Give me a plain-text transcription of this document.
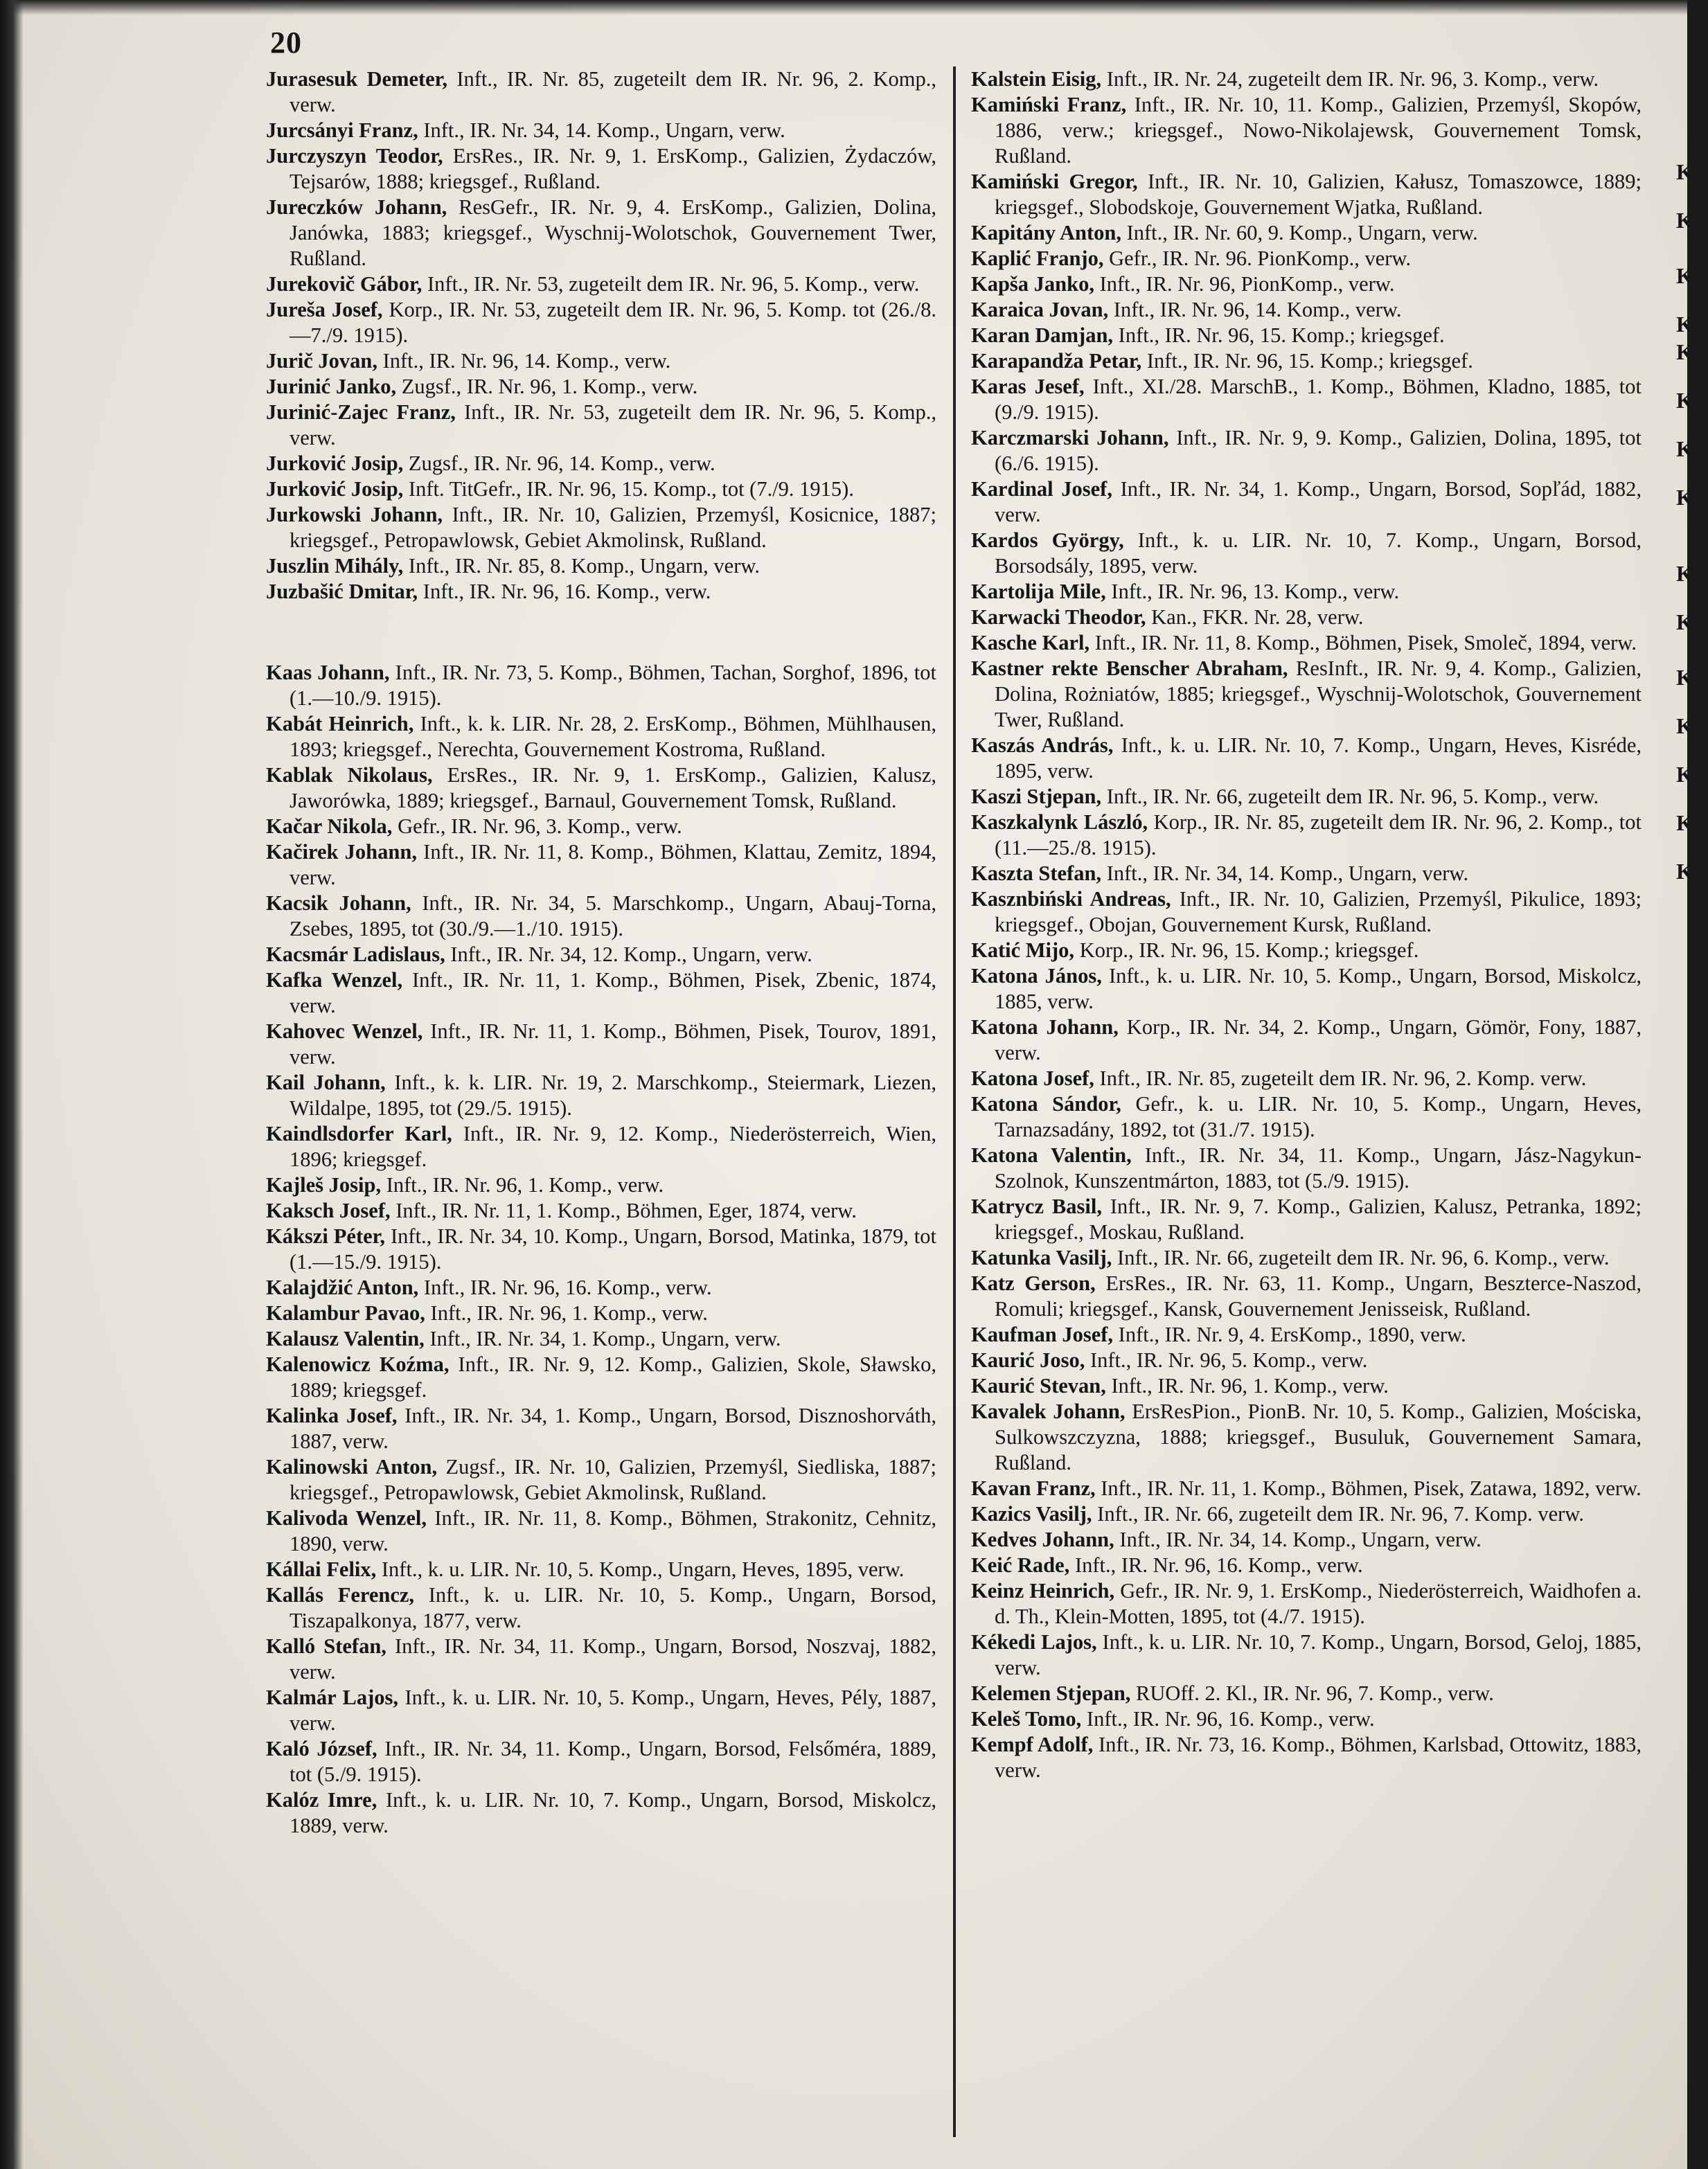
20

Jurasesuk Demeter, Inft., IR. Nr. 85, zugeteilt dem IR. Nr. 96, 2. Komp., verw.

Jurcsányi Franz, Inft., IR. Nr. 34, 14. Komp., Ungarn, verw.

Jurczyszyn Teodor, ErsRes., IR. Nr. 9, 1. ErsKomp., Galizien, Żydaczów, Tejsarów, 1888; kriegsgef., Rußland.

Jureczków Johann, ResGefr., IR. Nr. 9, 4. ErsKomp., Galizien, Dolina, Janówka, 1883; kriegsgef., Wyschnij-Wolotschok, Gouvernement Twer, Rußland.

Jurekovič Gábor, Inft., IR. Nr. 53, zugeteilt dem IR. Nr. 96, 5. Komp., verw.

Jureša Josef, Korp., IR. Nr. 53, zugeteilt dem IR. Nr. 96, 5. Komp. tot (26./8.—7./9. 1915).

Jurič Jovan, Inft., IR. Nr. 96, 14. Komp., verw.

Jurinić Janko, Zugsf., IR. Nr. 96, 1. Komp., verw.

Jurinić-Zajec Franz, Inft., IR. Nr. 53, zugeteilt dem IR. Nr. 96, 5. Komp., verw.

Jurković Josip, Zugsf., IR. Nr. 96, 14. Komp., verw.

Jurković Josip, Inft. TitGefr., IR. Nr. 96, 15. Komp., tot (7./9. 1915).

Jurkowski Johann, Inft., IR. Nr. 10, Galizien, Przemyśl, Kosicnice, 1887; kriegsgef., Petropawlowsk, Gebiet Akmolinsk, Rußland.

Juszlin Mihály, Inft., IR. Nr. 85, 8. Komp., Ungarn, verw.

Juzbašić Dmitar, Inft., IR. Nr. 96, 16. Komp., verw.

Kaas Johann, Inft., IR. Nr. 73, 5. Komp., Böhmen, Tachan, Sorghof, 1896, tot (1.—10./9. 1915).

Kabát Heinrich, Inft., k. k. LIR. Nr. 28, 2. ErsKomp., Böhmen, Mühlhausen, 1893; kriegsgef., Nerechta, Gouvernement Kostroma, Rußland.

Kablak Nikolaus, ErsRes., IR. Nr. 9, 1. ErsKomp., Galizien, Kalusz, Jaworówka, 1889; kriegsgef., Barnaul, Gouvernement Tomsk, Rußland.

Kačar Nikola, Gefr., IR. Nr. 96, 3. Komp., verw.

Kačirek Johann, Inft., IR. Nr. 11, 8. Komp., Böhmen, Klattau, Zemitz, 1894, verw.

Kacsik Johann, Inft., IR. Nr. 34, 5. Marschkomp., Ungarn, Abauj-Torna, Zsebes, 1895, tot (30./9.—1./10. 1915).

Kacsmár Ladislaus, Inft., IR. Nr. 34, 12. Komp., Ungarn, verw.

Kafka Wenzel, Inft., IR. Nr. 11, 1. Komp., Böhmen, Pisek, Zbenic, 1874, verw.

Kahovec Wenzel, Inft., IR. Nr. 11, 1. Komp., Böhmen, Pisek, Tourov, 1891, verw.

Kail Johann, Inft., k. k. LIR. Nr. 19, 2. Marschkomp., Steiermark, Liezen, Wildalpe, 1895, tot (29./5. 1915).

Kaindlsdorfer Karl, Inft., IR. Nr. 9, 12. Komp., Niederösterreich, Wien, 1896; kriegsgef.

Kajleš Josip, Inft., IR. Nr. 96, 1. Komp., verw.

Kaksch Josef, Inft., IR. Nr. 11, 1. Komp., Böhmen, Eger, 1874, verw.

Kákszi Péter, Inft., IR. Nr. 34, 10. Komp., Ungarn, Borsod, Matinka, 1879, tot (1.—15./9. 1915).

Kalajdžić Anton, Inft., IR. Nr. 96, 16. Komp., verw.

Kalambur Pavao, Inft., IR. Nr. 96, 1. Komp., verw.

Kalausz Valentin, Inft., IR. Nr. 34, 1. Komp., Ungarn, verw.

Kalenowicz Koźma, Inft., IR. Nr. 9, 12. Komp., Galizien, Skole, Sławsko, 1889; kriegsgef.

Kalinka Josef, Inft., IR. Nr. 34, 1. Komp., Ungarn, Borsod, Disznoshorváth, 1887, verw.

Kalinowski Anton, Zugsf., IR. Nr. 10, Galizien, Przemyśl, Siedliska, 1887; kriegsgef., Petropawlowsk, Gebiet Akmolinsk, Rußland.

Kalivoda Wenzel, Inft., IR. Nr. 11, 8. Komp., Böhmen, Strakonitz, Cehnitz, 1890, verw.

Kállai Felix, Inft., k. u. LIR. Nr. 10, 5. Komp., Ungarn, Heves, 1895, verw.

Kallás Ferencz, Inft., k. u. LIR. Nr. 10, 5. Komp., Ungarn, Borsod, Tiszapalkonya, 1877, verw.

Kalló Stefan, Inft., IR. Nr. 34, 11. Komp., Ungarn, Borsod, Noszvaj, 1882, verw.

Kalmár Lajos, Inft., k. u. LIR. Nr. 10, 5. Komp., Ungarn, Heves, Pély, 1887, verw.

Kaló József, Inft., IR. Nr. 34, 11. Komp., Ungarn, Borsod, Felsőméra, 1889, tot (5./9. 1915).

Kalóz Imre, Inft., k. u. LIR. Nr. 10, 7. Komp., Ungarn, Borsod, Miskolcz, 1889, verw.

Kalstein Eisig, Inft., IR. Nr. 24, zugeteilt dem IR. Nr. 96, 3. Komp., verw.

Kamiński Franz, Inft., IR. Nr. 10, 11. Komp., Galizien, Przemyśl, Skopów, 1886, verw.; kriegsgef., Nowo-Nikolajewsk, Gouvernement Tomsk, Rußland.

Kamiński Gregor, Inft., IR. Nr. 10, Galizien, Kałusz, Tomaszowce, 1889; kriegsgef., Slobodskoje, Gouvernement Wjatka, Rußland.

Kapitány Anton, Inft., IR. Nr. 60, 9. Komp., Ungarn, verw.

Kaplić Franjo, Gefr., IR. Nr. 96. PionKomp., verw.

Kapša Janko, Inft., IR. Nr. 96, PionKomp., verw.

Karaica Jovan, Inft., IR. Nr. 96, 14. Komp., verw.

Karan Damjan, Inft., IR. Nr. 96, 15. Komp.; kriegsgef.

Karapandža Petar, Inft., IR. Nr. 96, 15. Komp.; kriegsgef.

Karas Jesef, Inft., XI./28. MarschB., 1. Komp., Böhmen, Kladno, 1885, tot (9./9. 1915).

Karczmarski Johann, Inft., IR. Nr. 9, 9. Komp., Galizien, Dolina, 1895, tot (6./6. 1915).

Kardinal Josef, Inft., IR. Nr. 34, 1. Komp., Ungarn, Borsod, Sopľád, 1882, verw.

Kardos György, Inft., k. u. LIR. Nr. 10, 7. Komp., Ungarn, Borsod, Borsodsály, 1895, verw.

Kartolija Mile, Inft., IR. Nr. 96, 13. Komp., verw.

Karwacki Theodor, Kan., FKR. Nr. 28, verw.

Kasche Karl, Inft., IR. Nr. 11, 8. Komp., Böhmen, Pisek, Smoleč, 1894, verw.

Kastner rekte Benscher Abraham, ResInft., IR. Nr. 9, 4. Komp., Galizien, Dolina, Rożniatów, 1885; kriegsgef., Wyschnij-Wolotschok, Gouvernement Twer, Rußland.

Kaszás András, Inft., k. u. LIR. Nr. 10, 7. Komp., Ungarn, Heves, Kisréde, 1895, verw.

Kaszi Stjepan, Inft., IR. Nr. 66, zugeteilt dem IR. Nr. 96, 5. Komp., verw.

Kaszkalynk László, Korp., IR. Nr. 85, zugeteilt dem IR. Nr. 96, 2. Komp., tot (11.—25./8. 1915).

Kaszta Stefan, Inft., IR. Nr. 34, 14. Komp., Ungarn, verw.

Kasznbiński Andreas, Inft., IR. Nr. 10, Galizien, Przemyśl, Pikulice, 1893; kriegsgef., Obojan, Gouvernement Kursk, Rußland.

Katić Mijo, Korp., IR. Nr. 96, 15. Komp.; kriegsgef.

Katona János, Inft., k. u. LIR. Nr. 10, 5. Komp., Ungarn, Borsod, Miskolcz, 1885, verw.

Katona Johann, Korp., IR. Nr. 34, 2. Komp., Ungarn, Gömör, Fony, 1887, verw.

Katona Josef, Inft., IR. Nr. 85, zugeteilt dem IR. Nr. 96, 2. Komp. verw.

Katona Sándor, Gefr., k. u. LIR. Nr. 10, 5. Komp., Ungarn, Heves, Tarnazsadány, 1892, tot (31./7. 1915).

Katona Valentin, Inft., IR. Nr. 34, 11. Komp., Ungarn, Jász-Nagykun-Szolnok, Kunszentmárton, 1883, tot (5./9. 1915).

Katrycz Basil, Inft., IR. Nr. 9, 7. Komp., Galizien, Kalusz, Petranka, 1892; kriegsgef., Moskau, Rußland.

Katunka Vasilj, Inft., IR. Nr. 66, zugeteilt dem IR. Nr. 96, 6. Komp., verw.

Katz Gerson, ErsRes., IR. Nr. 63, 11. Komp., Ungarn, Beszterce-Naszod, Romuli; kriegsgef., Kansk, Gouvernement Jenisseisk, Rußland.

Kaufman Josef, Inft., IR. Nr. 9, 4. ErsKomp., 1890, verw.

Kaurić Joso, Inft., IR. Nr. 96, 5. Komp., verw.

Kaurić Stevan, Inft., IR. Nr. 96, 1. Komp., verw.

Kavalek Johann, ErsResPion., PionB. Nr. 10, 5. Komp., Galizien, Mościska, Sulkowszczyzna, 1888; kriegsgef., Busuluk, Gouvernement Samara, Rußland.

Kavan Franz, Inft., IR. Nr. 11, 1. Komp., Böhmen, Pisek, Zatawa, 1892, verw.

Kazics Vasilj, Inft., IR. Nr. 66, zugeteilt dem IR. Nr. 96, 7. Komp. verw.

Kedves Johann, Inft., IR. Nr. 34, 14. Komp., Ungarn, verw.

Keić Rade, Inft., IR. Nr. 96, 16. Komp., verw.

Keinz Heinrich, Gefr., IR. Nr. 9, 1. ErsKomp., Niederösterreich, Waidhofen a. d. Th., Klein-Motten, 1895, tot (4./7. 1915).

Kékedi Lajos, Inft., k. u. LIR. Nr. 10, 7. Komp., Ungarn, Borsod, Geloj, 1885, verw.

Kelemen Stjepan, RUOff. 2. Kl., IR. Nr. 96, 7. Komp., verw.

Keleš Tomo, Inft., IR. Nr. 96, 16. Komp., verw.

Kempf Adolf, Inft., IR. Nr. 73, 16. Komp., Böhmen, Karlsbad, Ottowitz, 1883, verw.

K
K
K
K
K
K
K
K
K
K
K
K
K
K
K
